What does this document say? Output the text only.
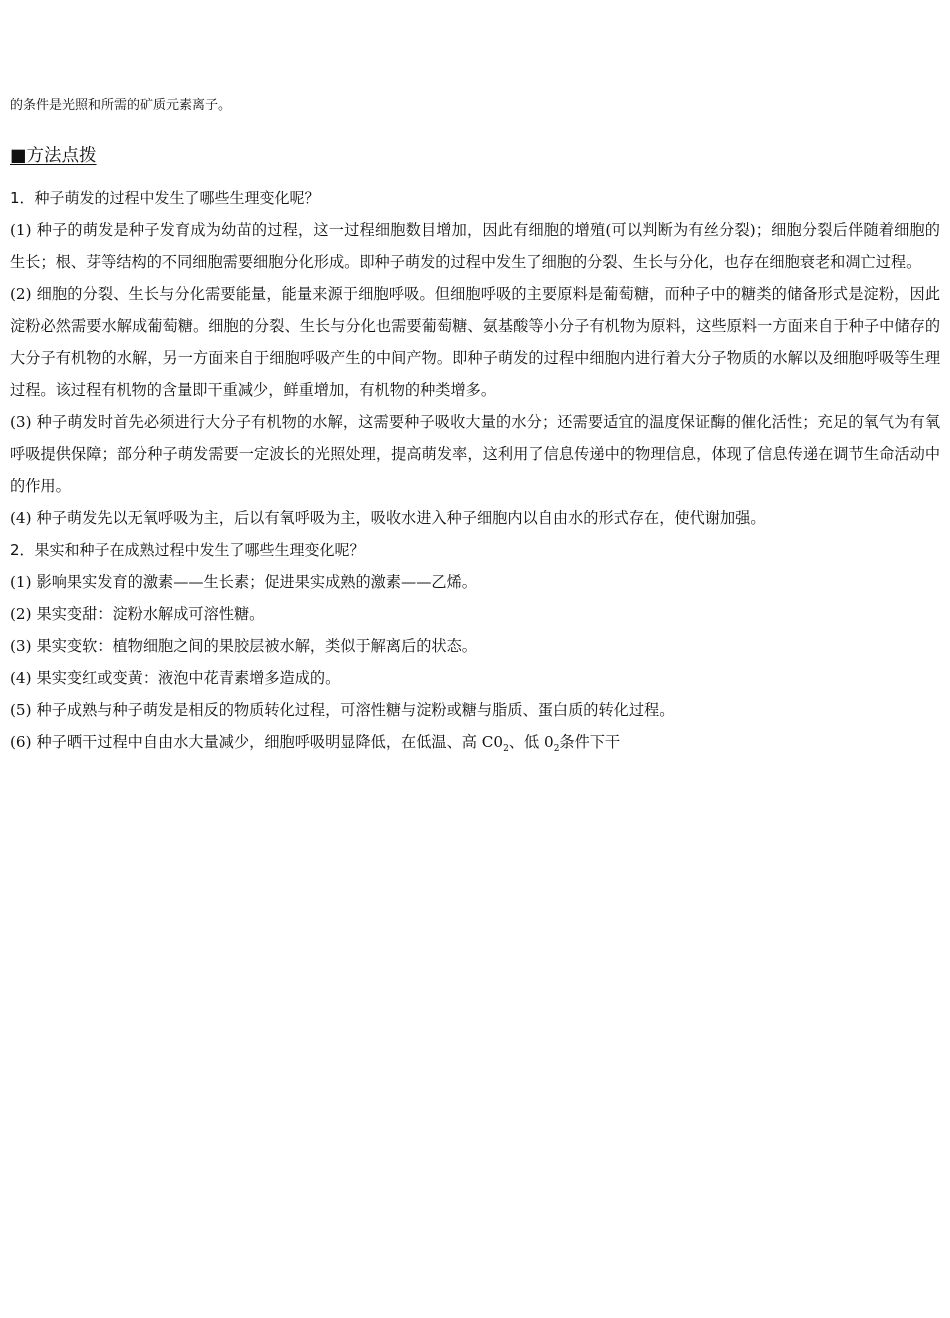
的条件是光照和所需的矿质元素离子。
■方法点拨
1．种子萌发的过程中发生了哪些生理变化呢？

(1) 种子的萌发是种子发育成为幼苗的过程，这一过程细胞数目增加，因此有细胞的增殖(可以判断为有丝分裂)；细胞分裂后伴随着细胞的生长；根、芽等结构的不同细胞需要细胞分化形成。即种子萌发的过程中发生了细胞的分裂、生长与分化，也存在细胞衰老和凋亡过程。

(2) 细胞的分裂、生长与分化需要能量，能量来源于细胞呼吸。但细胞呼吸的主要原料是葡萄糖，而种子中的糖类的储备形式是淀粉，因此淀粉必然需要水解成葡萄糖。细胞的分裂、生长与分化也需要葡萄糖、氨基酸等小分子有机物为原料，这些原料一方面来自于种子中储存的大分子有机物的水解，另一方面来自于细胞呼吸产生的中间产物。即种子萌发的过程中细胞内进行着大分子物质的水解以及细胞呼吸等生理过程。该过程有机物的含量即干重减少，鲜重增加，有机物的种类增多。

(3) 种子萌发时首先必须进行大分子有机物的水解，这需要种子吸收大量的水分；还需要适宜的温度保证酶的催化活性；充足的氧气为有氧呼吸提供保障；部分种子萌发需要一定波长的光照处理，提高萌发率，这利用了信息传递中的物理信息，体现了信息传递在调节生命活动中的作用。

(4) 种子萌发先以无氧呼吸为主，后以有氧呼吸为主，吸收水进入种子细胞内以自由水的形式存在，使代谢加强。

2．果实和种子在成熟过程中发生了哪些生理变化呢？

(1) 影响果实发育的激素——生长素；促进果实成熟的激素——乙烯。

(2) 果实变甜：淀粉水解成可溶性糖。

(3) 果实变软：植物细胞之间的果胶层被水解，类似于解离后的状态。

(4) 果实变红或变黄：液泡中花青素增多造成的。

(5) 种子成熟与种子萌发是相反的物质转化过程，可溶性糖与淀粉或糖与脂质、蛋白质的转化过程。

(6) 种子晒干过程中自由水大量减少，细胞呼吸明显降低，在低温、高 $C0_2$、低 $0_2$条件下干
